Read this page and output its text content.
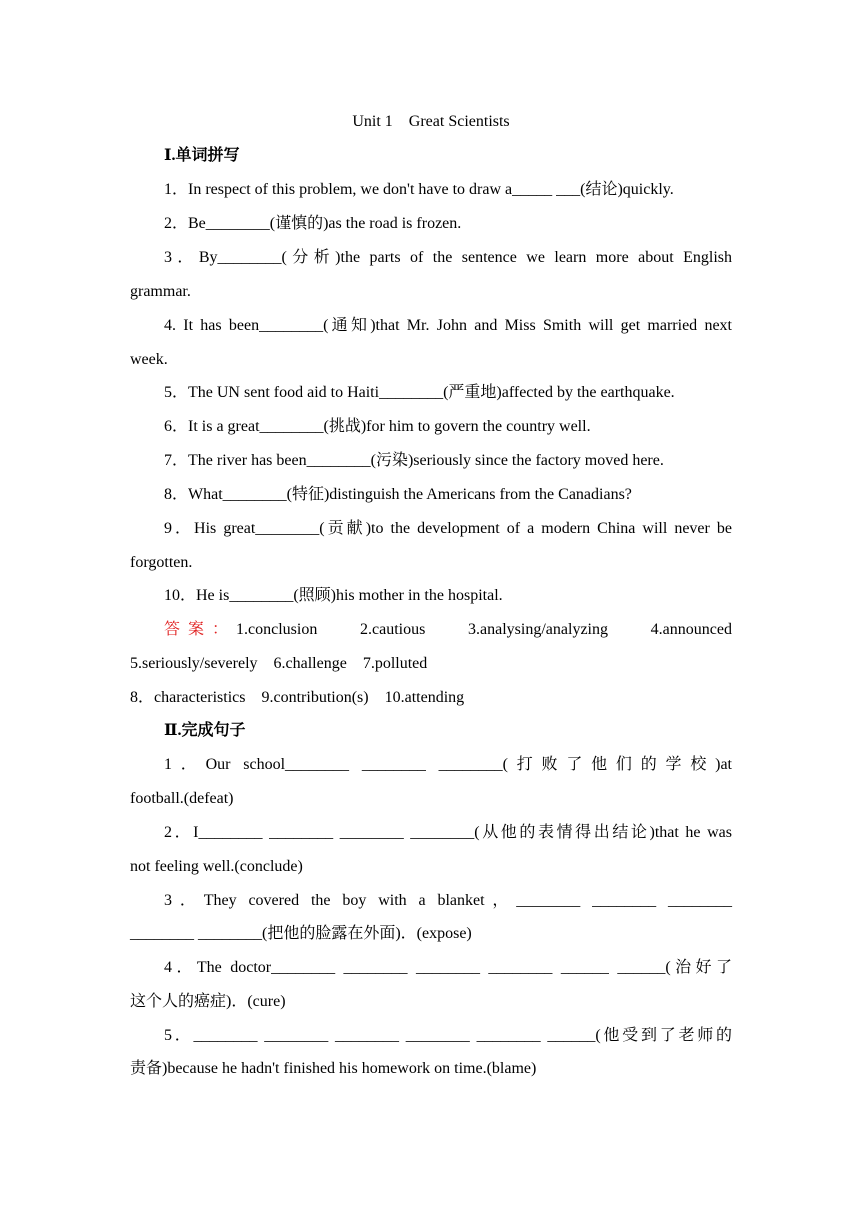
Unit 1 Great Scientists
Ⅰ.单词拼写
1．In respect of this problem, we don't have to draw a_____ ___(结论)quickly.
2．Be________(谨慎的)as the road is frozen.
3．By________(分析)the parts of the sentence we learn more about English
grammar.
4. It has been________(通知)that Mr. John and Miss Smith will get married next
week.
5．The UN sent food aid to Haiti________(严重地)affected by the earthquake.
6．It is a great________(挑战)for him to govern the country well.
7．The river has been________(污染)seriously since the factory moved here.
8．What________(特征)distinguish the Americans from the Canadians?
9．His great________(贡献)to the development of a modern China will never be
forgotten.
10．He is________(照顾)his mother in the hospital.
答案： 1.conclusion　 2.cautious　 3.analysing/analyzing　 4.announced
5.seriously/severely　6.challenge　7.polluted
8．characteristics　9.contribution(s)　10.attending
Ⅱ.完成句子
1．Our school________ ________ ________(打败了他们的学校)at
football.(defeat)
2．I________ ________ ________ ________(从他的表情得出结论)that he was
not feeling well.(conclude)
3．They covered the boy with a blanket，________ ________ ________
________ ________(把他的脸露在外面)．(expose)
4．The doctor________ ________ ________ ________ ______ ______(治好了
这个人的癌症)．(cure)
5．________ ________ ________ ________ ________ ______(他受到了老师的
责备)because he hadn't finished his homework on time.(blame)
